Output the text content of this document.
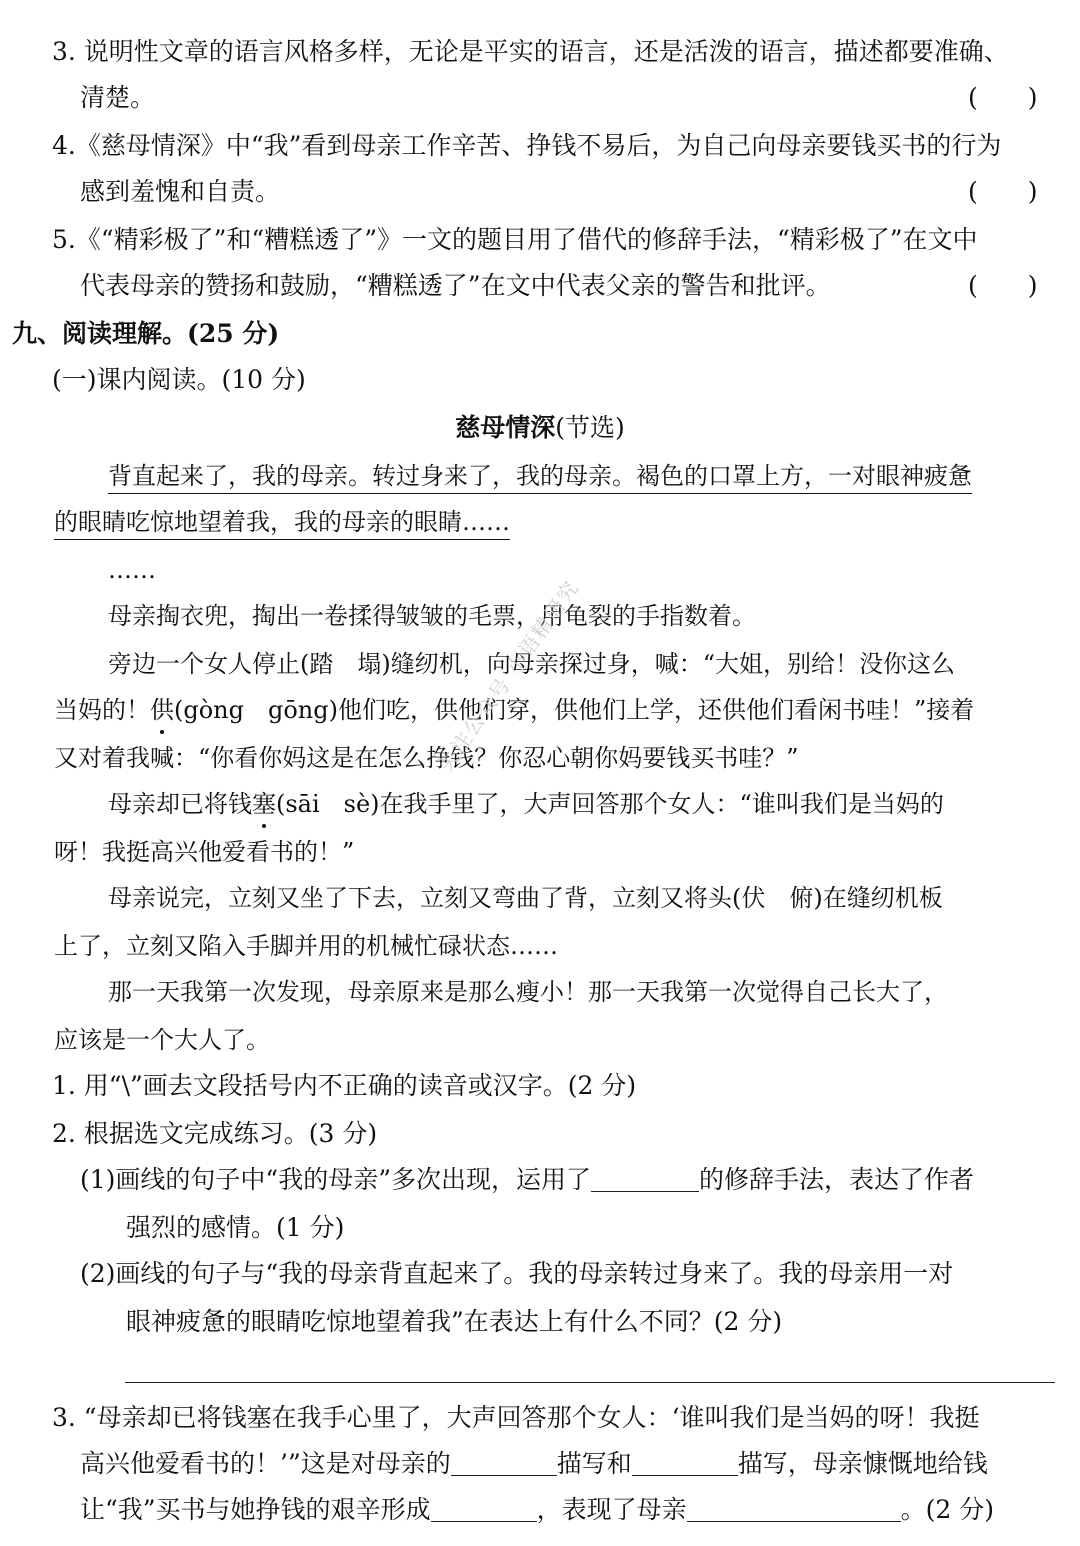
3. 说明性文章的语言风格多样，无论是平实的语言，还是活泼的语言，描述都要准确、
清楚。	(　　)
4.《慈母情深》中“我”看到母亲工作辛苦、挣钱不易后，为自己向母亲要钱买书的行为
感到羞愧和自责。	(　　)
5.《“精彩极了”和“糟糕透了”》一文的题目用了借代的修辞手法，“精彩极了”在文中
代表母亲的赞扬和鼓励，“糟糕透了”在文中代表父亲的警告和批评。	(　　)
九、阅读理解。(25 分)
(一)课内阅读。(10 分)
慈母情深(节选)
背直起来了，我的母亲。转过身来了，我的母亲。褐色的口罩上方，一对眼神疲惫
的眼睛吃惊地望着我，我的母亲的眼睛……
……
母亲掏衣兜，掏出一卷揉得皱皱的毛票，用龟裂的手指数着。
旁边一个女人停止(踏　塌)缝纫机，向母亲探过身，喊：“大姐，别给！没你这么
当妈的！供(gòng　gōng)他们吃，供他们穿，供他们上学，还供他们看闲书哇！”接着
又对着我喊：“你看你妈这是在怎么挣钱？你忍心朝你妈要钱买书哇？”
母亲却已将钱塞(sāi　sè)在我手里了，大声回答那个女人：“谁叫我们是当妈的
呀！我挺高兴他爱看书的！”
母亲说完，立刻又坐了下去，立刻又弯曲了背，立刻又将头(伏　俯)在缝纫机板
上了，立刻又陷入手脚并用的机械忙碌状态……
那一天我第一次发现，母亲原来是那么瘦小！那一天我第一次觉得自己长大了，
应该是一个大人了。
1. 用“\”画去文段括号内不正确的读音或汉字。(2 分)
2. 根据选文完成练习。(3 分)
(1)画线的句子中“我的母亲”多次出现，运用了	的修辞手法，表达了作者
强烈的感情。(1 分)
(2)画线的句子与“我的母亲背直起来了。我的母亲转过身来了。我的母亲用一对
眼神疲惫的眼睛吃惊地望着我”在表达上有什么不同？(2 分)
3. “母亲却已将钱塞在我手心里了，大声回答那个女人：‘谁叫我们是当妈的呀！我挺
高兴他爱看书的！’”这是对母亲的	描写和	描写，母亲慷慨地给钱
让“我”买书与她挣钱的艰辛形成	，表现了母亲	。(2 分)
关注公众号 小语精研究
